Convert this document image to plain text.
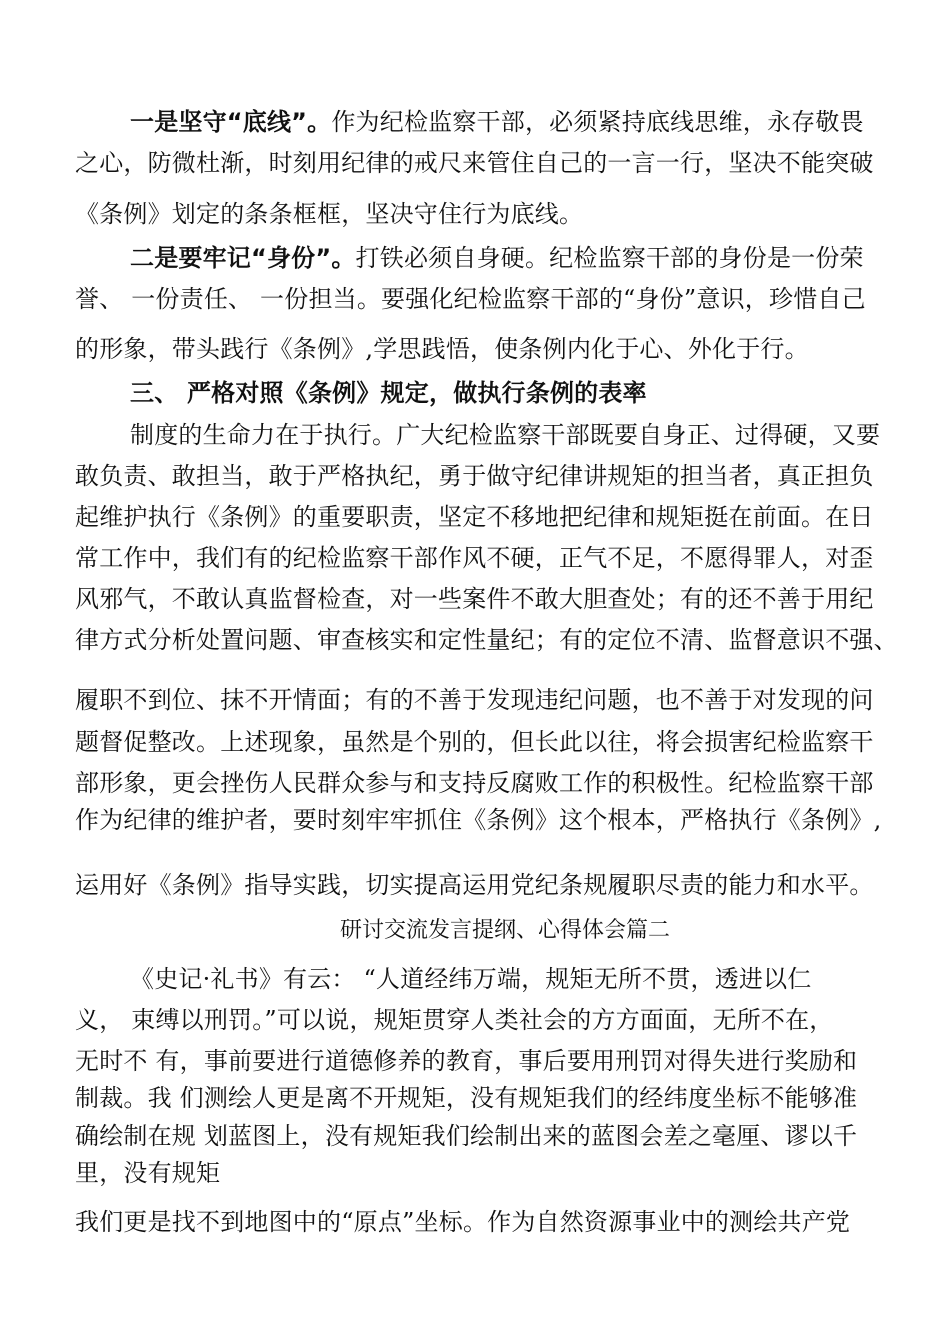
一是坚守“底线”。作为纪检监察干部，必须紧持底线思维，永存敬畏
之心，防微杜渐，时刻用纪律的戒尺来管住自己的一言一行，坚决不能突破
《条例》划定的条条框框，坚决守住行为底线。
二是要牢记“身份”。打铁必须自身硬。纪检监察干部的身份是一份荣
誉、 一份责任、 一份担当。要强化纪检监察干部的“身份”意识，珍惜自己
的形象，带头践行《条例》,学思践悟，使条例内化于心、外化于行。
三、 严格对照《条例》规定，做执行条例的表率
制度的生命力在于执行。广大纪检监察干部既要自身正、过得硬，又要
敢负责、敢担当，敢于严格执纪，勇于做守纪律讲规矩的担当者，真正担负
起维护执行《条例》的重要职责，坚定不移地把纪律和规矩挺在前面。在日
常工作中，我们有的纪检监察干部作风不硬，正气不足，不愿得罪人，对歪
风邪气，不敢认真监督检查，对一些案件不敢大胆查处；有的还不善于用纪
律方式分析处置问题、审查核实和定性量纪；有的定位不清、监督意识不强、
履职不到位、抹不开情面；有的不善于发现违纪问题，也不善于对发现的问
题督促整改。上述现象，虽然是个别的，但长此以往，将会损害纪检监察干
部形象，更会挫伤人民群众参与和支持反腐败工作的积极性。纪检监察干部
作为纪律的维护者，要时刻牢牢抓住《条例》这个根本，严格执行《条例》,
运用好《条例》指导实践，切实提高运用党纪条规履职尽责的能力和水平。
研讨交流发言提纲、心得体会篇二
《史记·礼书》有云： “人道经纬万端，规矩无所不贯，透进以仁
义， 束缚以刑罚。”可以说，规矩贯穿人类社会的方方面面，无所不在，
无时不 有，事前要进行道德修养的教育，事后要用刑罚对得失进行奖励和
制裁。我 们测绘人更是离不开规矩，没有规矩我们的经纬度坐标不能够准
确绘制在规 划蓝图上，没有规矩我们绘制出来的蓝图会差之毫厘、谬以千
里，没有规矩
我们更是找不到地图中的“原点”坐标。作为自然资源事业中的测绘共产党
